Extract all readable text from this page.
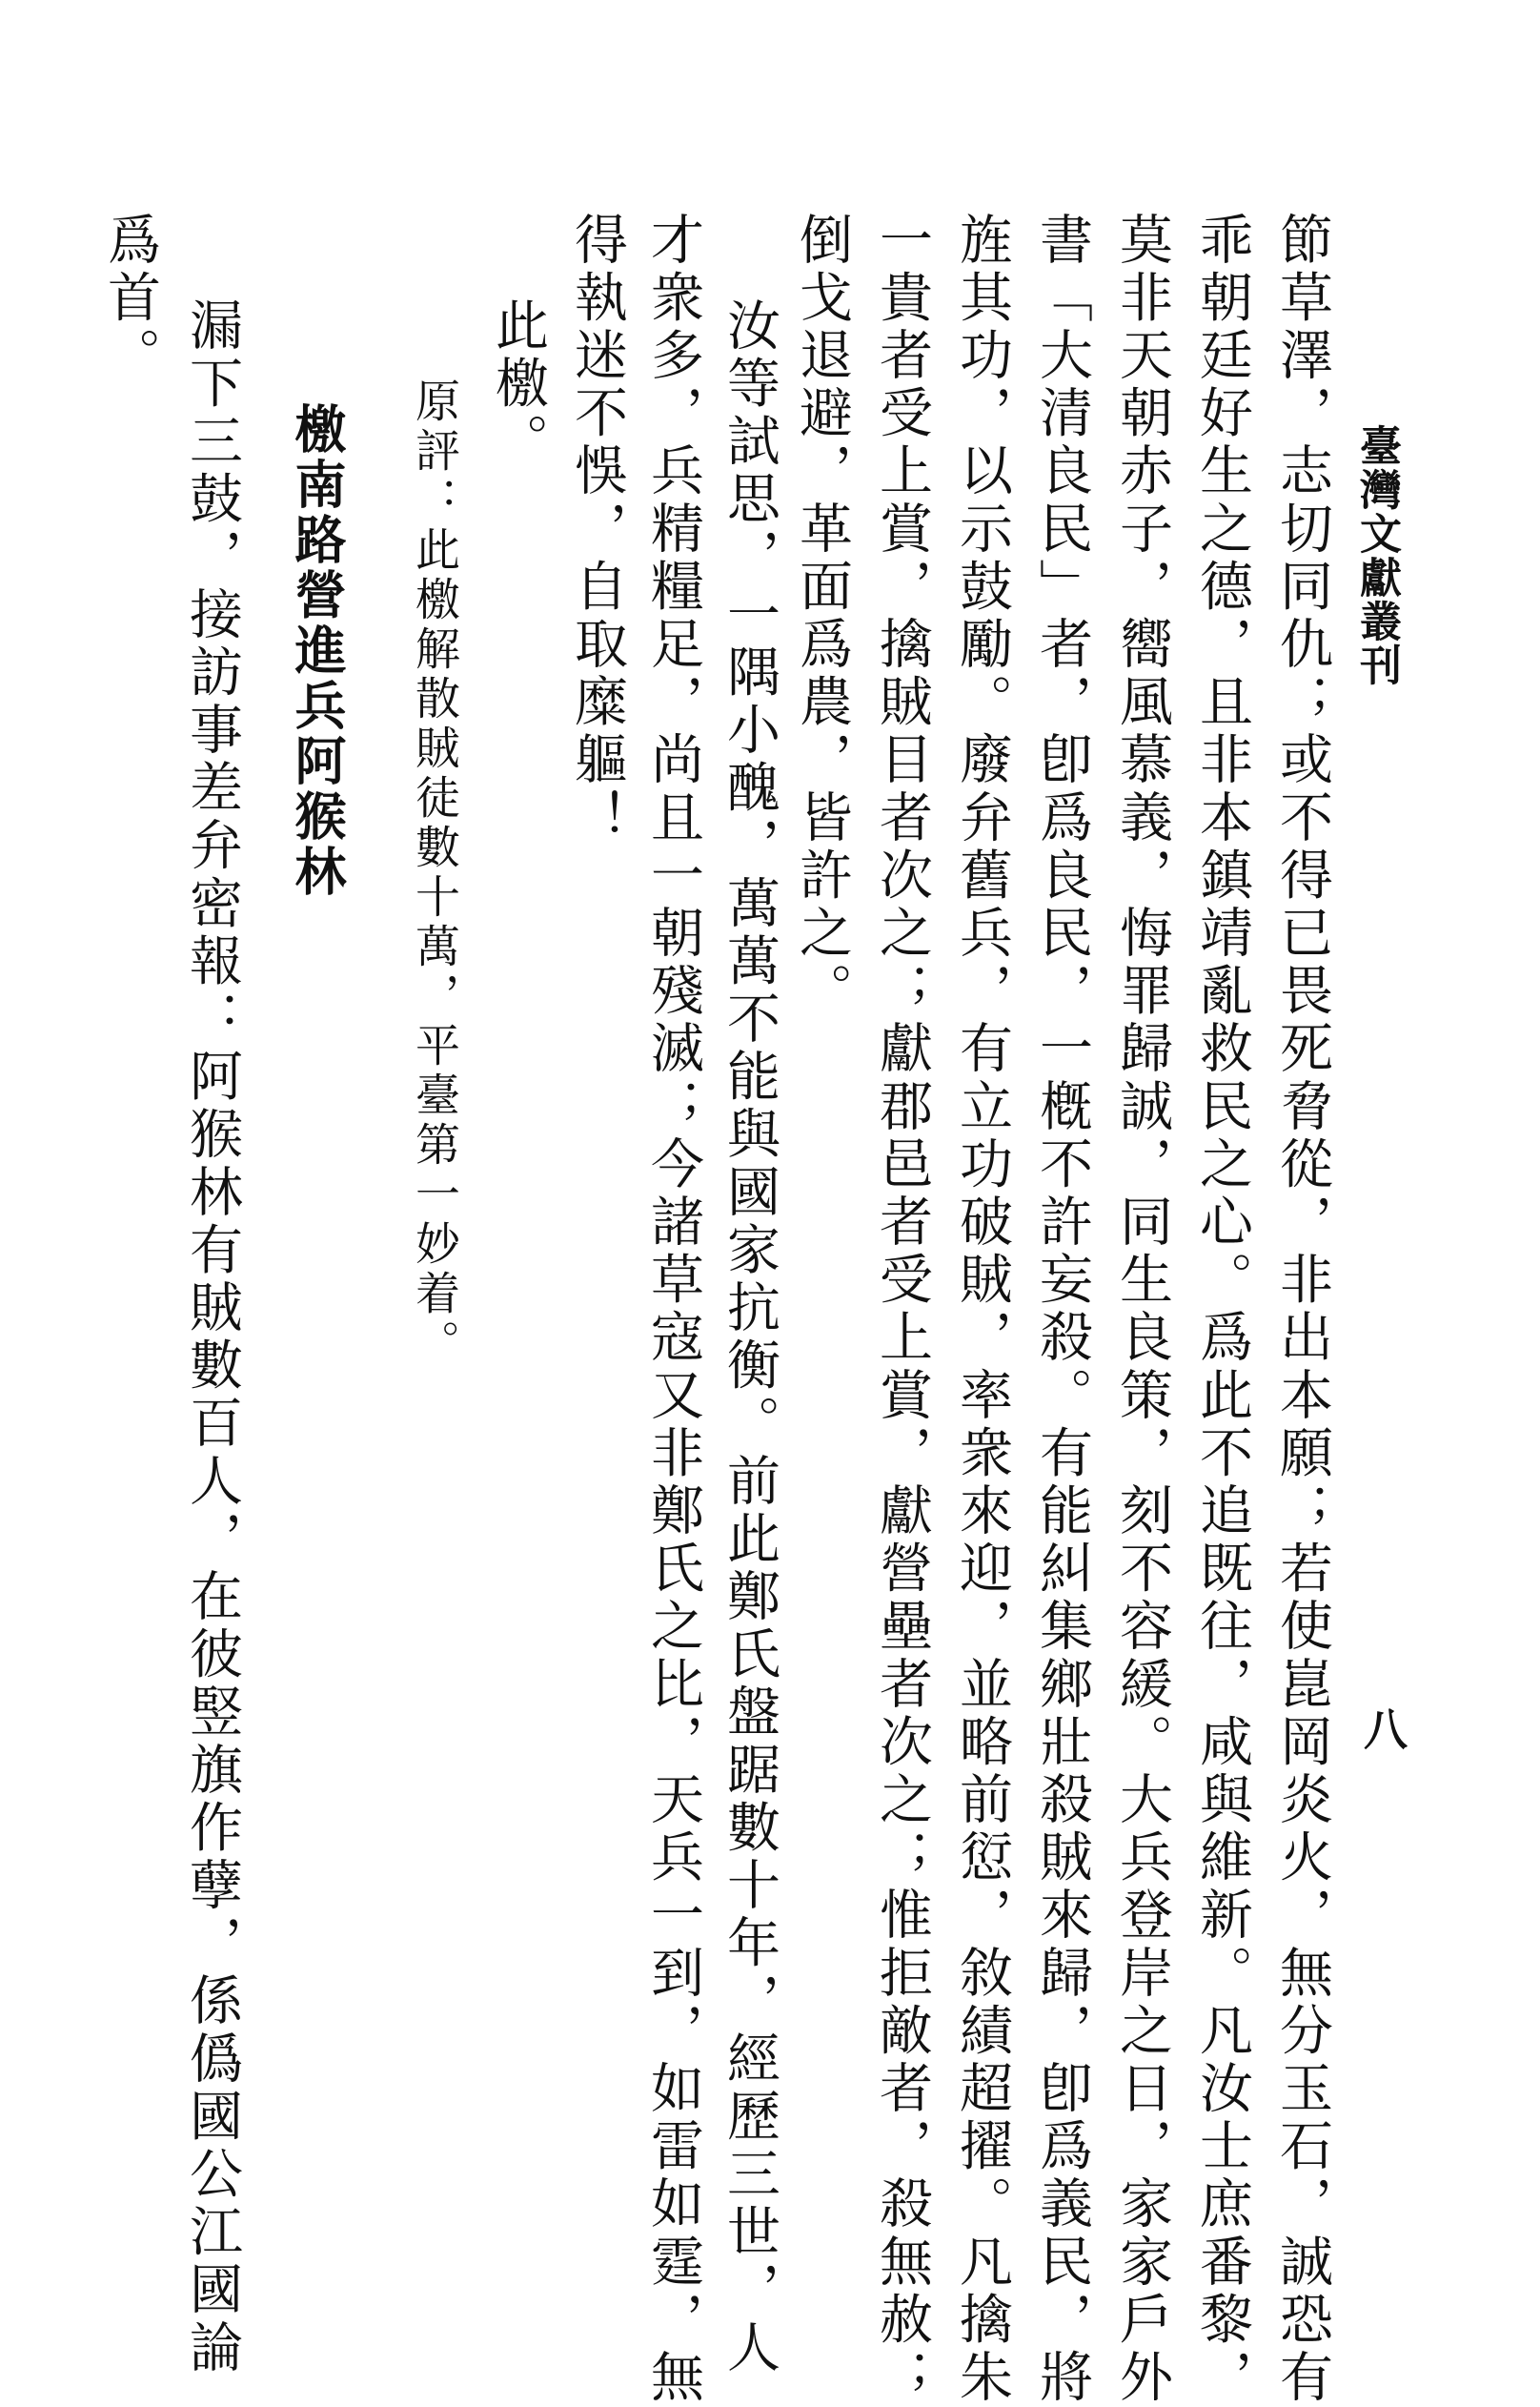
臺灣文獻叢刊
八
節草澤，志切同仇；或不得已畏死脅從，非出本願；若使崑岡炎火，無分玉石，誠恐有
乖朝廷好生之德，且非本鎮靖亂救民之心。爲此不追既往，咸與維新。凡汝士庶番黎，
莫非天朝赤子，嚮風慕義，悔罪歸誠，同生良策，刻不容緩。大兵登岸之日，家家戶外
書「大清良民」者，卽爲良民，一槪不許妄殺。有能糾集鄉壯殺賊來歸，卽爲義民，將
旌其功，以示鼓勵。廢弁舊兵，有立功破賊，率衆來迎，並略前愆，敘績超擢。凡擒朱
一貴者受上賞，擒賊目者次之；獻郡邑者受上賞，獻營壘者次之；惟拒敵者，殺無赦；
倒戈退避，革面爲農，皆許之。
汝等試思，一隅小醜，萬萬不能與國家抗衡。前此鄭氏盤踞數十年，經歷三世，人
才衆多，兵精糧足，尚且一朝殘滅；今諸草寇又非鄭氏之比，天兵一到，如雷如霆，無
得執迷不悞，自取糜軀！
此檄。
原評：此檄解散賊徒數十萬，平臺第一妙着。
檄南路營進兵阿猴林
漏下三鼓，接訪事差弁密報：阿猴林有賊數百人，在彼竪旗作孽，係僞國公江國論
爲首。
